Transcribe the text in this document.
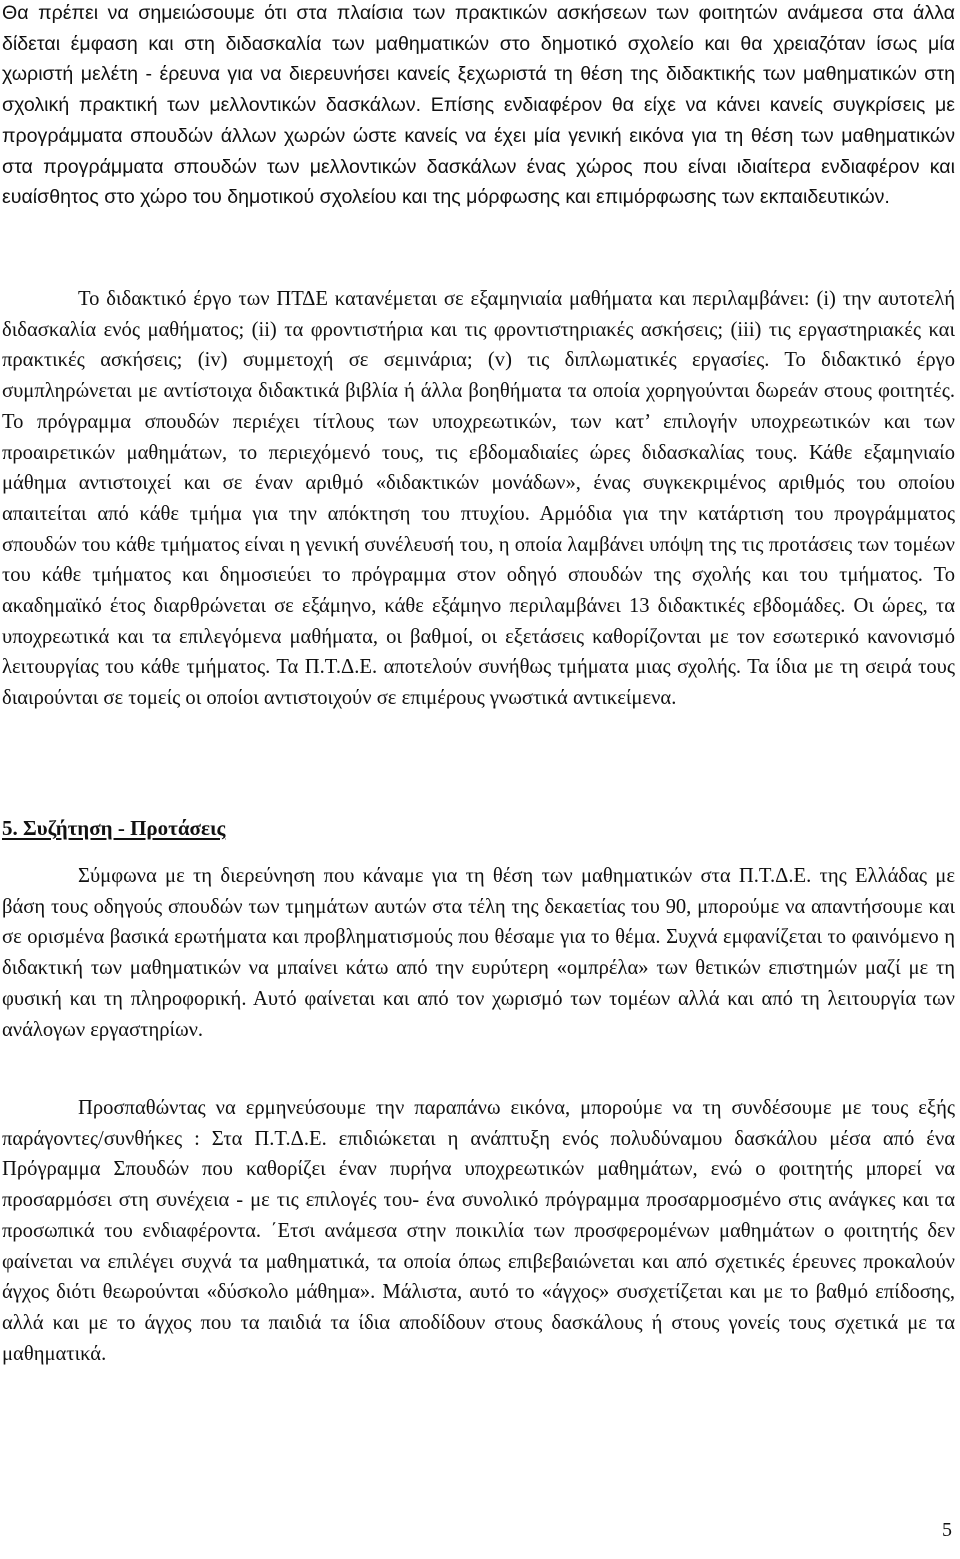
Θα πρέπει να σημειώσουμε ότι στα πλαίσια των πρακτικών ασκήσεων των φοιτητών ανάμεσα στα άλλα δίδεται έμφαση και στη διδασκαλία των μαθηματικών στο δημοτικό σχολείο και θα χρειαζόταν ίσως μία χωριστή μελέτη - έρευνα για να διερευνήσει κανείς ξεχωριστά τη θέση της διδακτικής των μαθηματικών στη σχολική πρακτική των μελλοντικών δασκάλων. Επίσης ενδιαφέρον θα είχε να κάνει κανείς συγκρίσεις με προγράμματα σπουδών άλλων χωρών ώστε κανείς να έχει μία γενική εικόνα για τη θέση των μαθηματικών στα προγράμματα σπουδών των μελλοντικών δασκάλων ένας χώρος που είναι ιδιαίτερα ενδιαφέρον και ευαίσθητος στο χώρο του δημοτικού σχολείου και της μόρφωσης και επιμόρφωσης των εκπαιδευτικών.

Το διδακτικό έργο των ΠΤΔΕ κατανέμεται σε εξαμηνιαία μαθήματα και περιλαμβάνει: (i) την αυτοτελή διδασκαλία ενός μαθήματος; (ii) τα φροντιστήρια και τις φροντιστηριακές ασκήσεις; (iii) τις εργαστηριακές και πρακτικές ασκήσεις; (iv) συμμετοχή σε σεμινάρια; (v) τις διπλωματικές εργασίες. Το διδακτικό έργο συμπληρώνεται με αντίστοιχα διδακτικά βιβλία ή άλλα βοηθήματα τα οποία χορηγούνται δωρεάν στους φοιτητές. Το πρόγραμμα σπουδών περιέχει τίτλους των υποχρεωτικών, των κατ’ επιλογήν υποχρεωτικών και των προαιρετικών μαθημάτων, το περιεχόμενό τους, τις εβδομαδιαίες ώρες διδασκαλίας τους. Κάθε εξαμηνιαίο μάθημα αντιστοιχεί και σε έναν αριθμό «διδακτικών μονάδων», ένας συγκεκριμένος αριθμός του οποίου απαιτείται από κάθε τμήμα για την απόκτηση του πτυχίου. Αρμόδια για την κατάρτιση του προγράμματος σπουδών του κάθε τμήματος είναι η γενική συνέλευσή του, η οποία λαμβάνει υπόψη της τις προτάσεις των τομέων του κάθε τμήματος και δημοσιεύει το πρόγραμμα στον οδηγό σπουδών της σχολής και του τμήματος. Το ακαδημαϊκό έτος διαρθρώνεται σε εξάμηνο, κάθε εξάμηνο περιλαμβάνει 13 διδακτικές εβδομάδες. Οι ώρες, τα υποχρεωτικά και τα επιλεγόμενα μαθήματα, οι βαθμοί, οι εξετάσεις καθορίζονται με τον εσωτερικό κανονισμό λειτουργίας του κάθε τμήματος. Τα Π.Τ.Δ.Ε. αποτελούν συνήθως τμήματα μιας σχολής. Τα ίδια με τη σειρά τους διαιρούνται σε τομείς οι οποίοι αντιστοιχούν σε επιμέρους γνωστικά αντικείμενα.

5. Συζήτηση - Προτάσεις

Σύμφωνα με τη διερεύνηση που κάναμε για τη θέση των μαθηματικών στα Π.Τ.Δ.Ε. της Ελλάδας με βάση τους οδηγούς σπουδών των τμημάτων αυτών στα τέλη της δεκαετίας του 90, μπορούμε να απαντήσουμε και σε ορισμένα βασικά ερωτήματα και προβληματισμούς που θέσαμε για το θέμα. Συχνά εμφανίζεται το φαινόμενο η διδακτική των μαθηματικών να μπαίνει κάτω από την ευρύτερη «ομπρέλα» των θετικών επιστημών μαζί με τη φυσική και τη πληροφορική. Αυτό φαίνεται και από τον χωρισμό των τομέων αλλά και από τη λειτουργία των ανάλογων εργαστηρίων.

Προσπαθώντας να ερμηνεύσουμε την παραπάνω εικόνα, μπορούμε να τη συνδέσουμε με τους εξής παράγοντες/συνθήκες : Στα Π.Τ.Δ.Ε. επιδιώκεται η ανάπτυξη ενός πολυδύναμου δασκάλου μέσα από ένα Πρόγραμμα Σπουδών που καθορίζει έναν πυρήνα υποχρεωτικών μαθημάτων, ενώ ο φοιτητής μπορεί να προσαρμόσει στη συνέχεια - με τις επιλογές του- ένα συνολικό πρόγραμμα προσαρμοσμένο στις ανάγκες και τα προσωπικά του ενδιαφέροντα. ΄Ετσι ανάμεσα στην ποικιλία των προσφερομένων μαθημάτων ο φοιτητής δεν φαίνεται να επιλέγει συχνά τα μαθηματικά, τα οποία όπως επιβεβαιώνεται και από σχετικές έρευνες προκαλούν άγχος διότι θεωρούνται «δύσκολο μάθημα». Μάλιστα, αυτό το «άγχος» συσχετίζεται και με το βαθμό επίδοσης, αλλά και με το άγχος που τα παιδιά τα ίδια αποδίδουν στους δασκάλους ή στους γονείς τους σχετικά με τα μαθηματικά.

5
